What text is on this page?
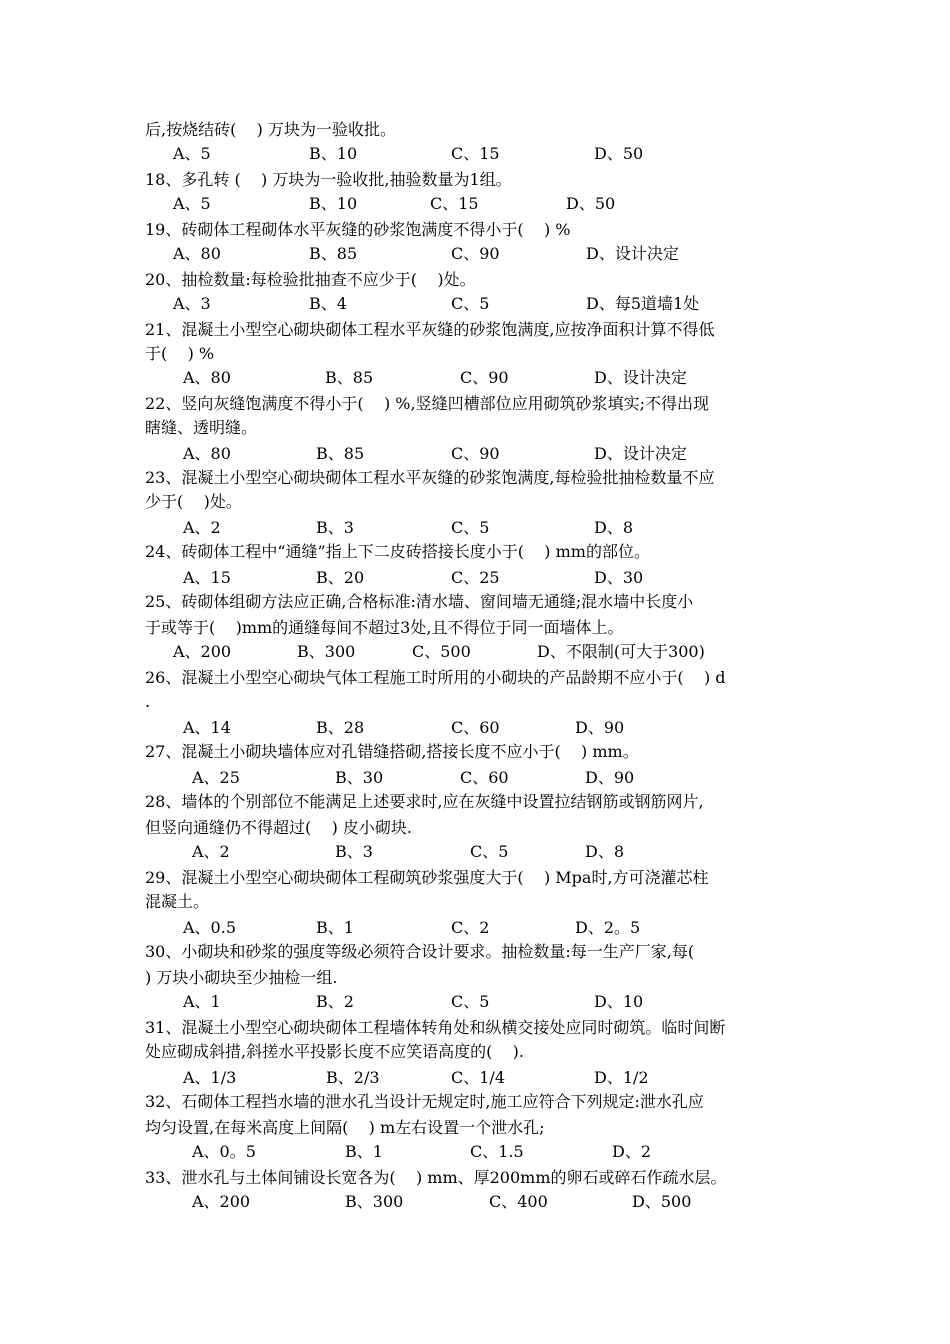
后,按烧结砖(    ) 万块为一验收批。
A、5	B、10	C、15	D、50
18、多孔转 (    ) 万块为一验收批,抽验数量为1组。
A、5	B、10	C、15	D、50
19、砖砌体工程砌体水平灰缝的砂浆饱满度不得小于(    ) %
A、80	B、85	C、90	D、设计决定
20、抽检数量:每检验批抽查不应少于(    )处。
A、3	B、4	C、5	D、每5道墙1处
21、混凝土小型空心砌块砌体工程水平灰缝的砂浆饱满度,应按净面积计算不得低
于(    ) %
A、80	B、85	C、90	D、设计决定
22、竖向灰缝饱满度不得小于(    ) %,竖缝凹槽部位应用砌筑砂浆填实;不得出现
瞎缝、透明缝。
A、80	B、85	C、90	D、设计决定
23、混凝土小型空心砌块砌体工程水平灰缝的砂浆饱满度,每检验批抽检数量不应
少于(    )处。
A、2	B、3	C、5	D、8
24、砖砌体工程中“通缝”指上下二皮砖搭接长度小于(    ) mm的部位。
A、15	B、20	C、25	D、30
25、砖砌体组砌方法应正确,合格标准:清水墙、窗间墙无通缝;混水墙中长度小
于或等于(    )mm的通缝每间不超过3处,且不得位于同一面墙体上。
A、200	B、300	C、500	D、不限制(可大于300)
26、混凝土小型空心砌块气体工程施工时所用的小砌块的产品龄期不应小于(    ) d
.
A、14	B、28	C、60	D、90
27、混凝土小砌块墙体应对孔错缝搭砌,搭接长度不应小于(    ) mm。
A、25	B、30	C、60	D、90
28、墙体的个别部位不能满足上述要求时,应在灰缝中设置拉结钢筋或钢筋网片,
但竖向通缝仍不得超过(    ) 皮小砌块.
A、2	B、3	C、5	D、8
29、混凝土小型空心砌块砌体工程砌筑砂浆强度大于(    ) Mpa时,方可浇灌芯柱
混凝土。
A、0.5	B、1	C、2	D、2。5
30、小砌块和砂浆的强度等级必须符合设计要求。抽检数量:每一生产厂家,每(
) 万块小砌块至少抽检一组.
A、1	B、2	C、5	D、10
31、混凝土小型空心砌块砌体工程墙体转角处和纵横交接处应同时砌筑。临时间断
处应砌成斜措,斜搓水平投影长度不应笑语高度的(    ).
A、1/3	B、2/3	C、1/4	D、1/2
32、石砌体工程挡水墙的泄水孔当设计无规定时,施工应符合下列规定:泄水孔应
均匀设置,在每米高度上间隔(    ) m左右设置一个泄水孔;
A、0。5	B、1	C、1.5	D、2
33、泄水孔与土体间铺设长宽各为(    ) mm、厚200mm的卵石或碎石作疏水层。
A、200	B、300	C、400	D、500
